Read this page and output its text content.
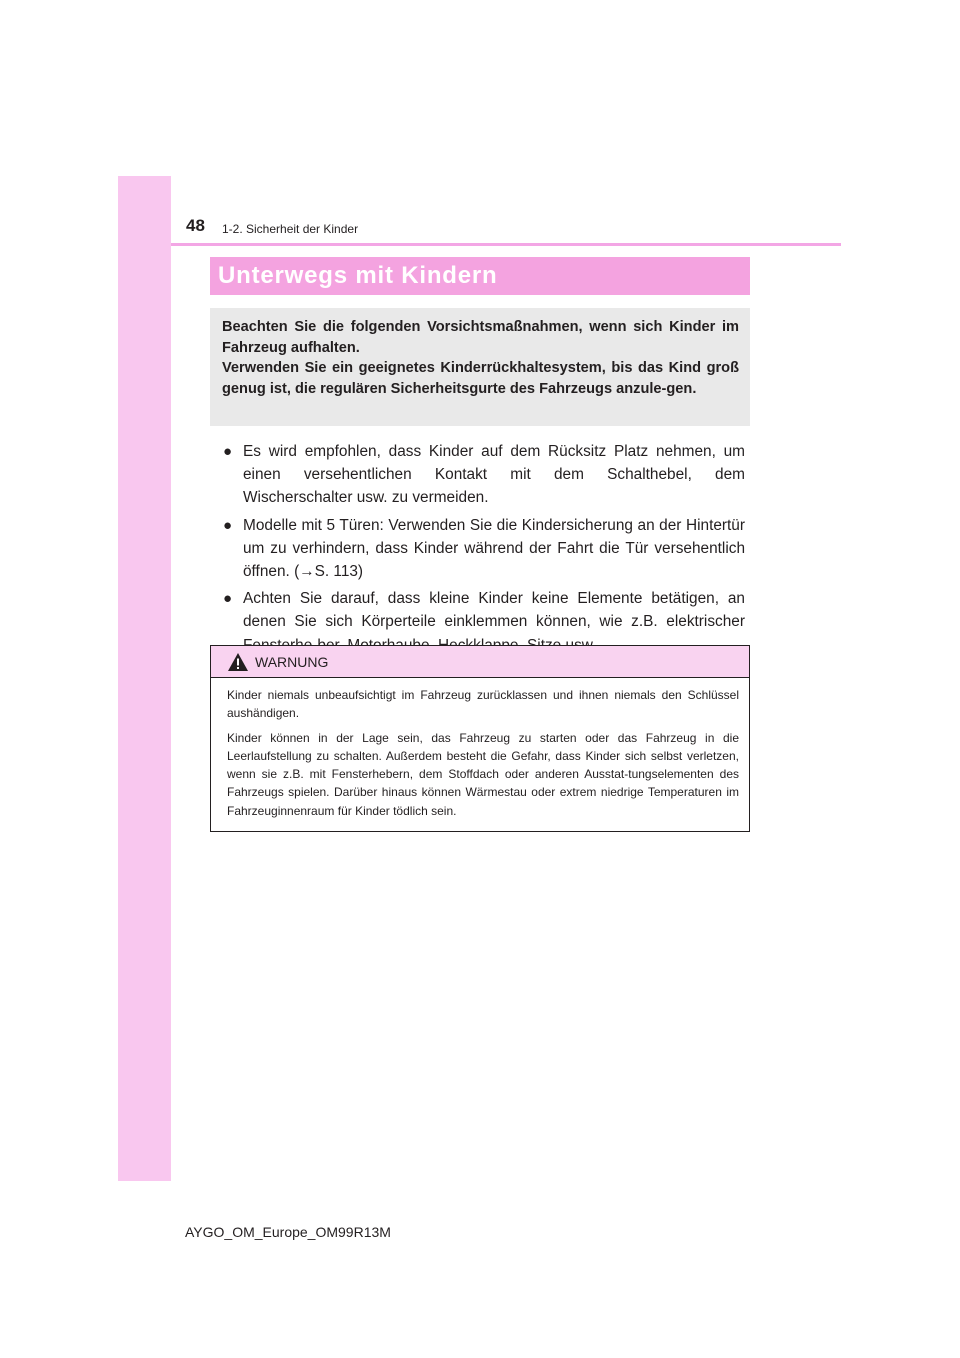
48 1-2. Sicherheit der Kinder
Unterwegs mit Kindern

Beachten Sie die folgenden Vorsichtsmaßnahmen, wenn sich Kinder im Fahrzeug aufhalten.

Verwenden Sie ein geeignetes Kinderrückhaltesystem, bis das Kind groß genug ist, die regulären Sicherheitsgurte des Fahrzeugs anzule-gen.

● Es wird empfohlen, dass Kinder auf dem Rücksitz Platz nehmen, um einen versehentlichen Kontakt mit dem Schalthebel, dem Wischerschalter usw. zu vermeiden.
● Modelle mit 5 Türen: Verwenden Sie die Kindersicherung an der Hintertür um zu verhindern, dass Kinder während der Fahrt die Tür versehentlich öffnen. (→S. 113)
● Achten Sie darauf, dass kleine Kinder keine Elemente betätigen, an denen Sie sich Körperteile einklemmen können, wie z.B. elektrischer
WARNUNG

Kinder niemals unbeaufsichtigt im Fahrzeug zurücklassen und ihnen niemals den Schlüssel aushändigen.

Kinder können in der Lage sein, das Fahrzeug zu starten oder das Fahrzeug in die Leerlaufstellung zu schalten. Außerdem besteht die Gefahr, dass Kinder sich selbst verletzen, wenn sie z.B. mit Fensterhebern, dem Stoffdach oder anderen Ausstat-tungselementen des Fahrzeugs spielen. Darüber hinaus können Wärmestau oder extrem niedrige Temperaturen im Fahrzeuginnenraum für Kinder tödlich sein.

AYGO_OM_Europe_OM99R13M
